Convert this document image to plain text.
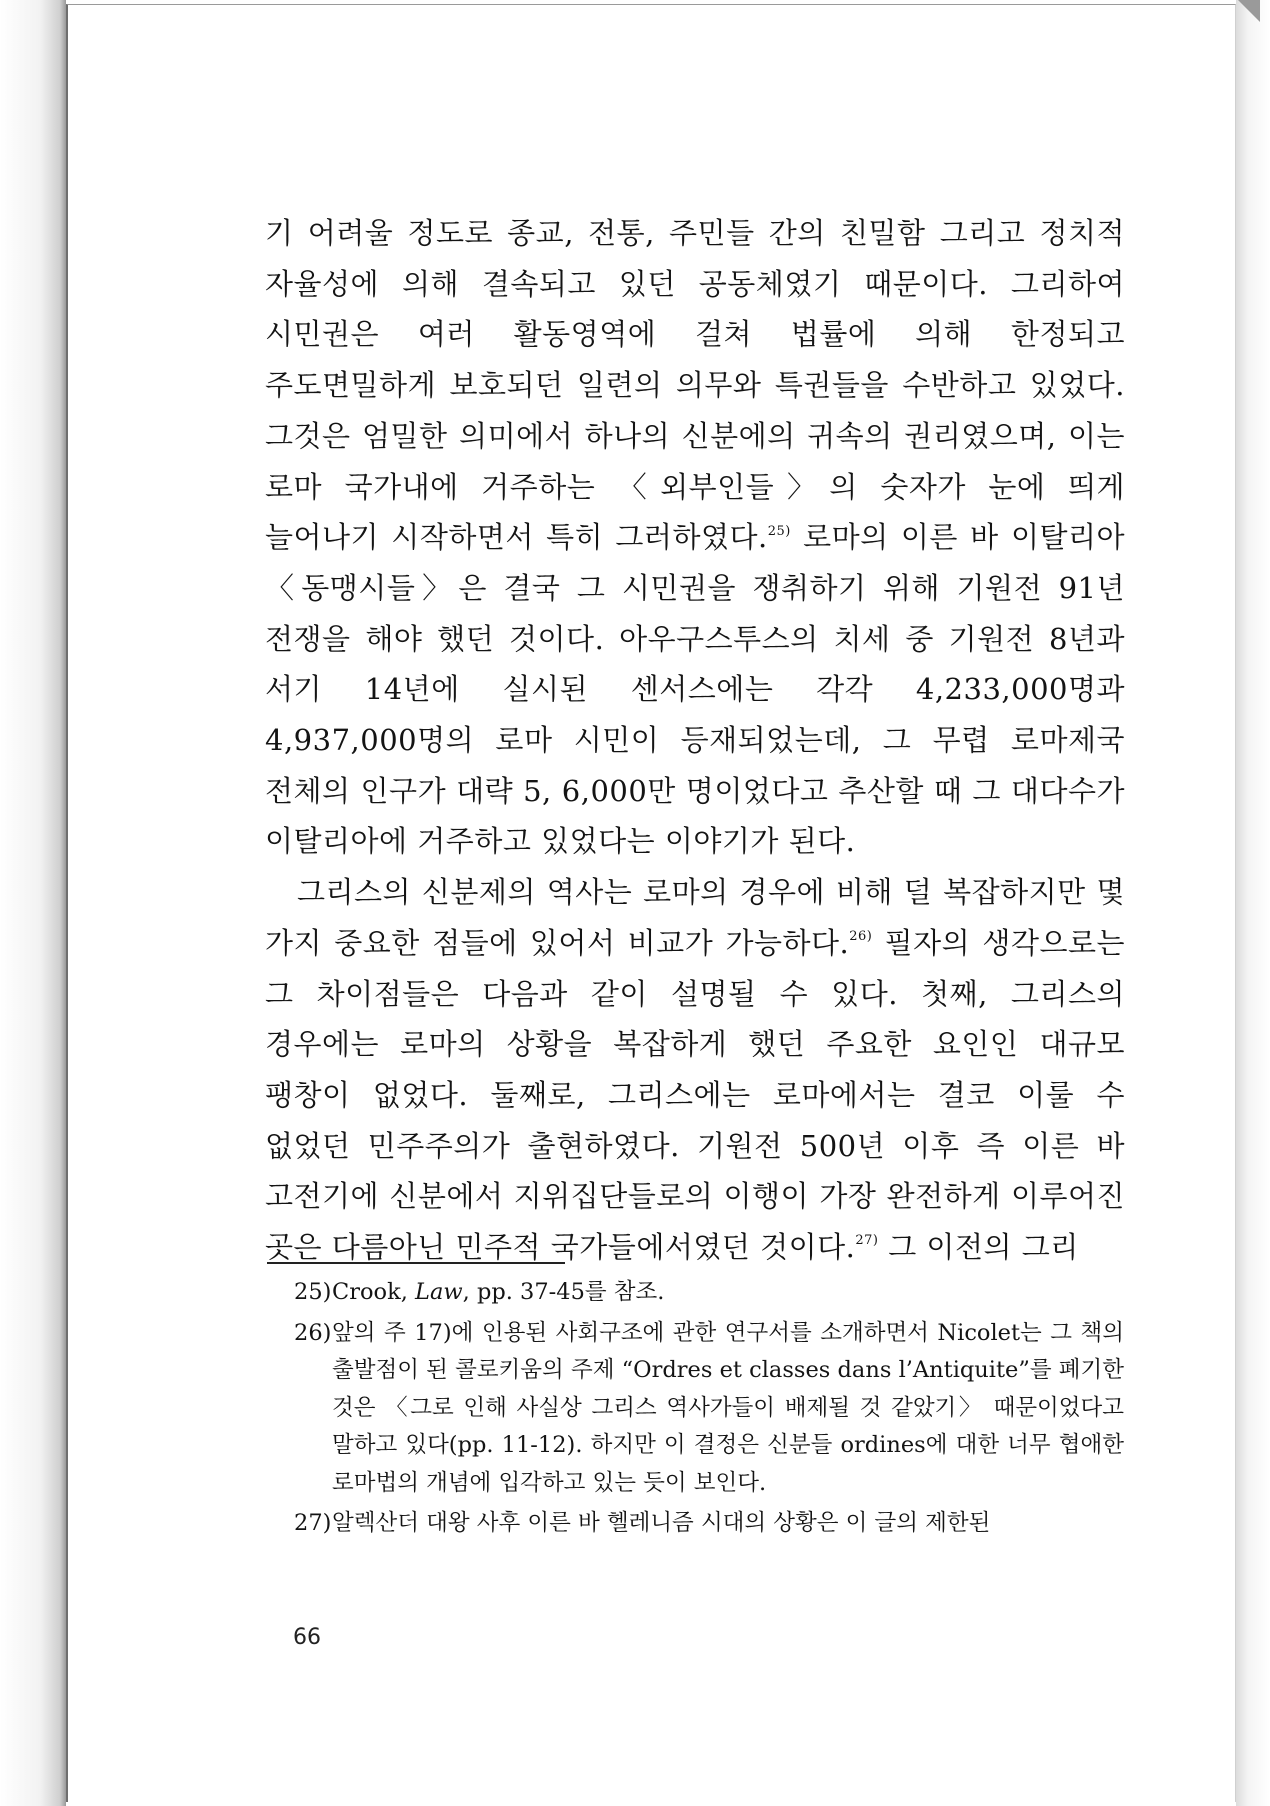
기 어려울 정도로 종교, 전통, 주민들 간의 친밀함 그리고 정치적 자율성에 의해 결속되고 있던 공동체였기 때문이다. 그리하여 시민권은 여러 활동영역에 걸쳐 법률에 의해 한정되고 주도면밀하게 보호되던 일련의 의무와 특권들을 수반하고 있었다. 그것은 엄밀한 의미에서 하나의 신분에의 귀속의 권리였으며, 이는 로마 국가내에 거주하는 〈외부인들〉의 숫자가 눈에 띄게 늘어나기 시작하면서 특히 그러하였다.$^{25)}$ 로마의 이른 바 이탈리아 〈동맹시들〉은 결국 그 시민권을 쟁취하기 위해 기원전 91년 전쟁을 해야 했던 것이다. 아우구스투스의 치세 중 기원전 8년과 서기 14년에 실시된 센서스에는 각각 4,233,000명과 4,937,000명의 로마 시민이 등재되었는데, 그 무렵 로마제국 전체의 인구가 대략 5, 6,000만 명이었다고 추산할 때 그 대다수가 이탈리아에 거주하고 있었다는 이야기가 된다.

그리스의 신분제의 역사는 로마의 경우에 비해 덜 복잡하지만 몇 가지 중요한 점들에 있어서 비교가 가능하다.$^{26)}$ 필자의 생각으로는 그 차이점들은 다음과 같이 설명될 수 있다. 첫째, 그리스의 경우에는 로마의 상황을 복잡하게 했던 주요한 요인인 대규모 팽창이 없었다. 둘째로, 그리스에는 로마에서는 결코 이룰 수 없었던 민주주의가 출현하였다. 기원전 500년 이후 즉 이른 바 고전기에 신분에서 지위집단들로의 이행이 가장 완전하게 이루어진 곳은 다름아닌 민주적 국가들에서였던 것이다.$^{27)}$ 그 이전의 그리

25) Crook, Law, pp. 37-45를 참조.
26) 앞의 주 17)에 인용된 사회구조에 관한 연구서를 소개하면서 Nicolet는 그 책의 출발점이 된 콜로키움의 주제 “Ordres et classes dans l’Antiquite”를 폐기한 것은 〈그로 인해 사실상 그리스 역사가들이 배제될 것 같았기〉 때문이었다고 말하고 있다(pp. 11-12). 하지만 이 결정은 신분들 ordines에 대한 너무 협애한 로마법의 개념에 입각하고 있는 듯이 보인다.
27) 알렉산더 대왕 사후 이른 바 헬레니즘 시대의 상황은 이 글의 제한된
66
